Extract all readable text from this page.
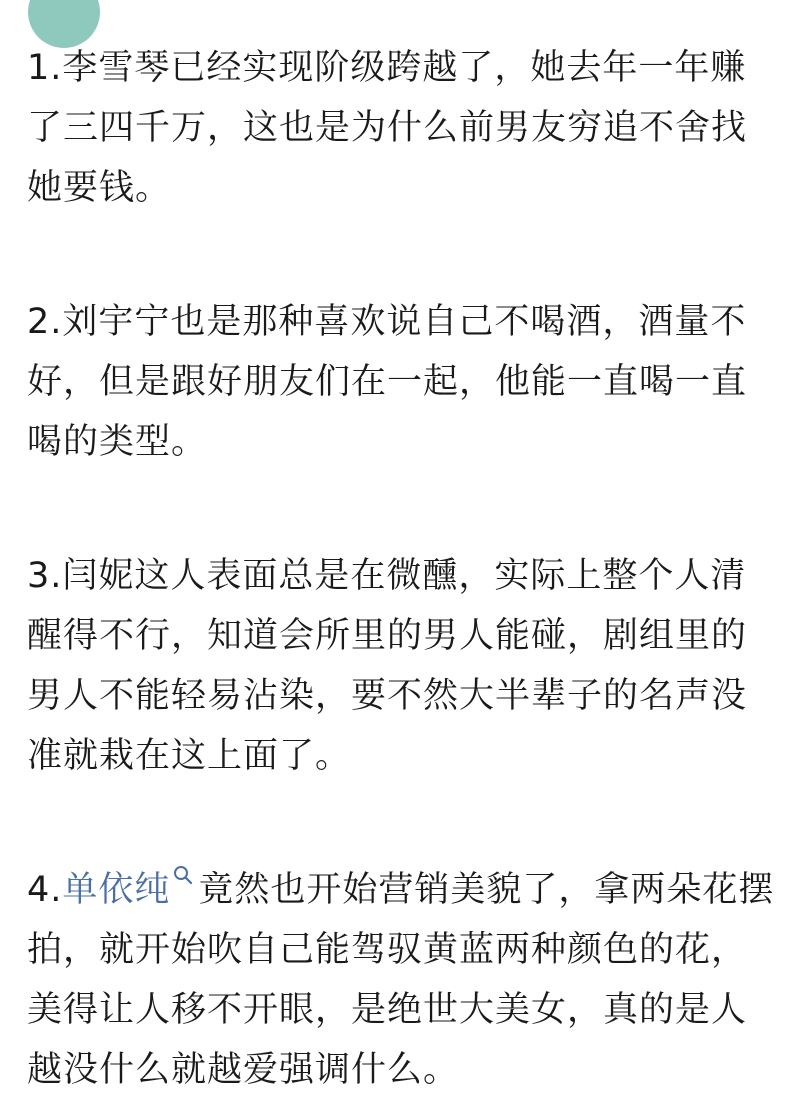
1.李雪琴已经实现阶级跨越了，她去年一年赚了三四千万，这也是为什么前男友穷追不舍找她要钱。

2.刘宇宁也是那种喜欢说自己不喝酒，酒量不好，但是跟好朋友们在一起，他能一直喝一直喝的类型。

3.闫妮这人表面总是在微醺，实际上整个人清醒得不行，知道会所里的男人能碰，剧组里的男人不能轻易沾染，要不然大半辈子的名声没准就栽在这上面了。

4.单依纯 竟然也开始营销美貌了，拿两朵花摆拍，就开始吹自己能驾驭黄蓝两种颜色的花，美得让人移不开眼，是绝世大美女，真的是人越没什么就越爱强调什么。
